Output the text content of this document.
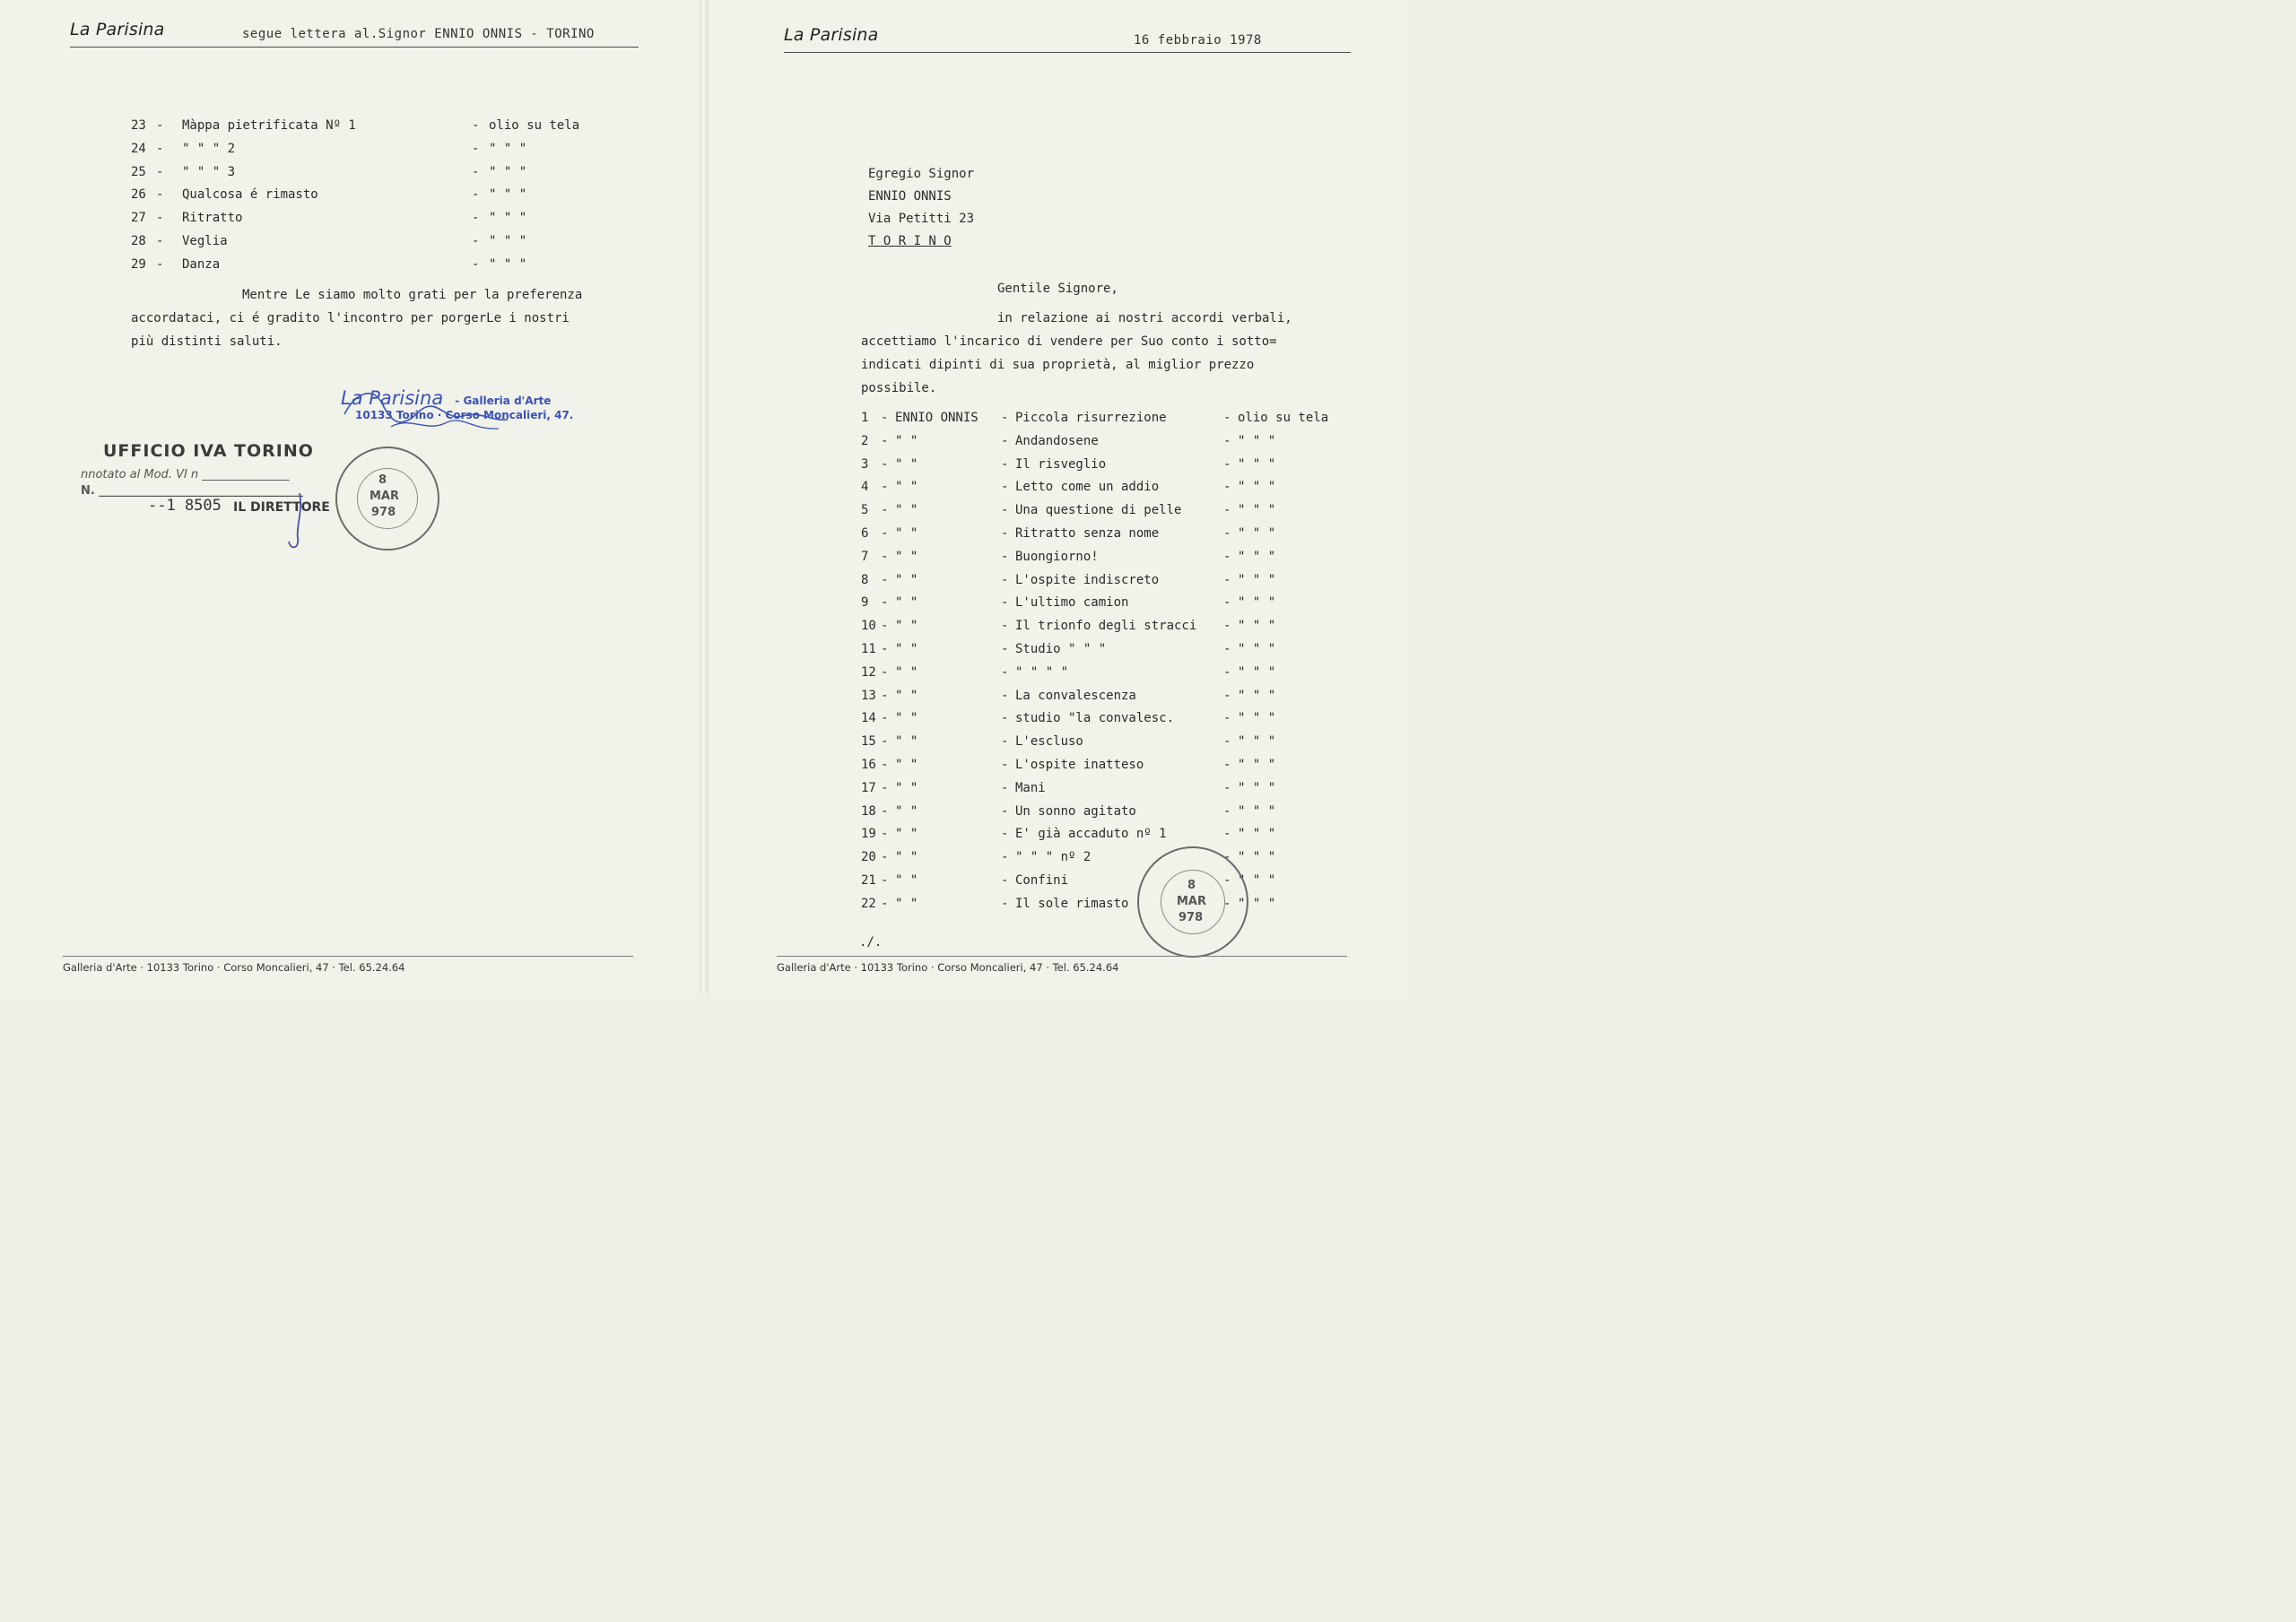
La Parisina	segue lettera al.Signor ENNIO ONNIS - TORINO
23 - Màppa pietrificata Nº 1	- olio su tela
24 - " " " 2	- " " "
25 - " " " 3	- " " "
26 - Qualcosa é rimasto	- " " "
27 - Ritratto	- " " "
28 - Veglia	- " " "
29 - Danza	- " " "
Mentre Le siamo molto grati per la preferenza
accordataci, ci é gradito l'incontro per porgerLe i nostri
più distinti saluti.
La Parisina - Galleria d'Arte
10133 Torino · Corso Moncalieri, 47.
UFFICIO IVA TORINO
nnotato al Mod. VI n _______________
N. ___________________________________
--1 8505 IL DIRETTORE
8
MAR
978
Galleria d'Arte · 10133 Torino · Corso Moncalieri, 47 · Tel. 65.24.64
La Parisina	16 febbraio 1978
Egregio Signor
ENNIO ONNIS
Via Petitti 23
T O R I N O
Gentile Signore,
in relazione ai nostri accordi verbali,
accettiamo l'incarico di vendere per Suo conto i sotto=
indicati dipinti di sua proprietà, al miglior prezzo
possibile.
1 - ENNIO ONNIS - Piccola risurrezione	- olio su tela
2 - " "	- Andandosene	- " " "
3 - " "	- Il risveglio	- " " "
4 - " "	- Letto come un addio	- " " "
5 - " "	- Una questione di pelle	- " " "
6 - " "	- Ritratto senza nome	- " " "
7 - " "	- Buongiorno!	- " " "
8 - " "	- L'ospite indiscreto	- " " "
9 - " "	- L'ultimo camion	- " " "
10 - " "	- Il trionfo degli stracci - " " "
11 - " "	- Studio " " "	- " " "
12 - " "	- " " " "	- " " "
13 - " "	- La convalescenza	- " " "
14 - " "	- studio "la convalesc.	- " " "
15 - " "	- L'escluso	- " " "
16 - " "	- L'ospite inatteso	- " " "
17 - " "	- Mani	- " " "
18 - " "	- Un sonno agitato	- " " "
19 - " "	- E' già accaduto nº 1	- " " "
20 - " "	- " " " nº 2	- " " "
21 - " "	- Confini	- " " "
22 - " "	- Il sole rimasto	- " " "
./.
8
MAR
978
Galleria d'Arte · 10133 Torino · Corso Moncalieri, 47 · Tel. 65.24.64
